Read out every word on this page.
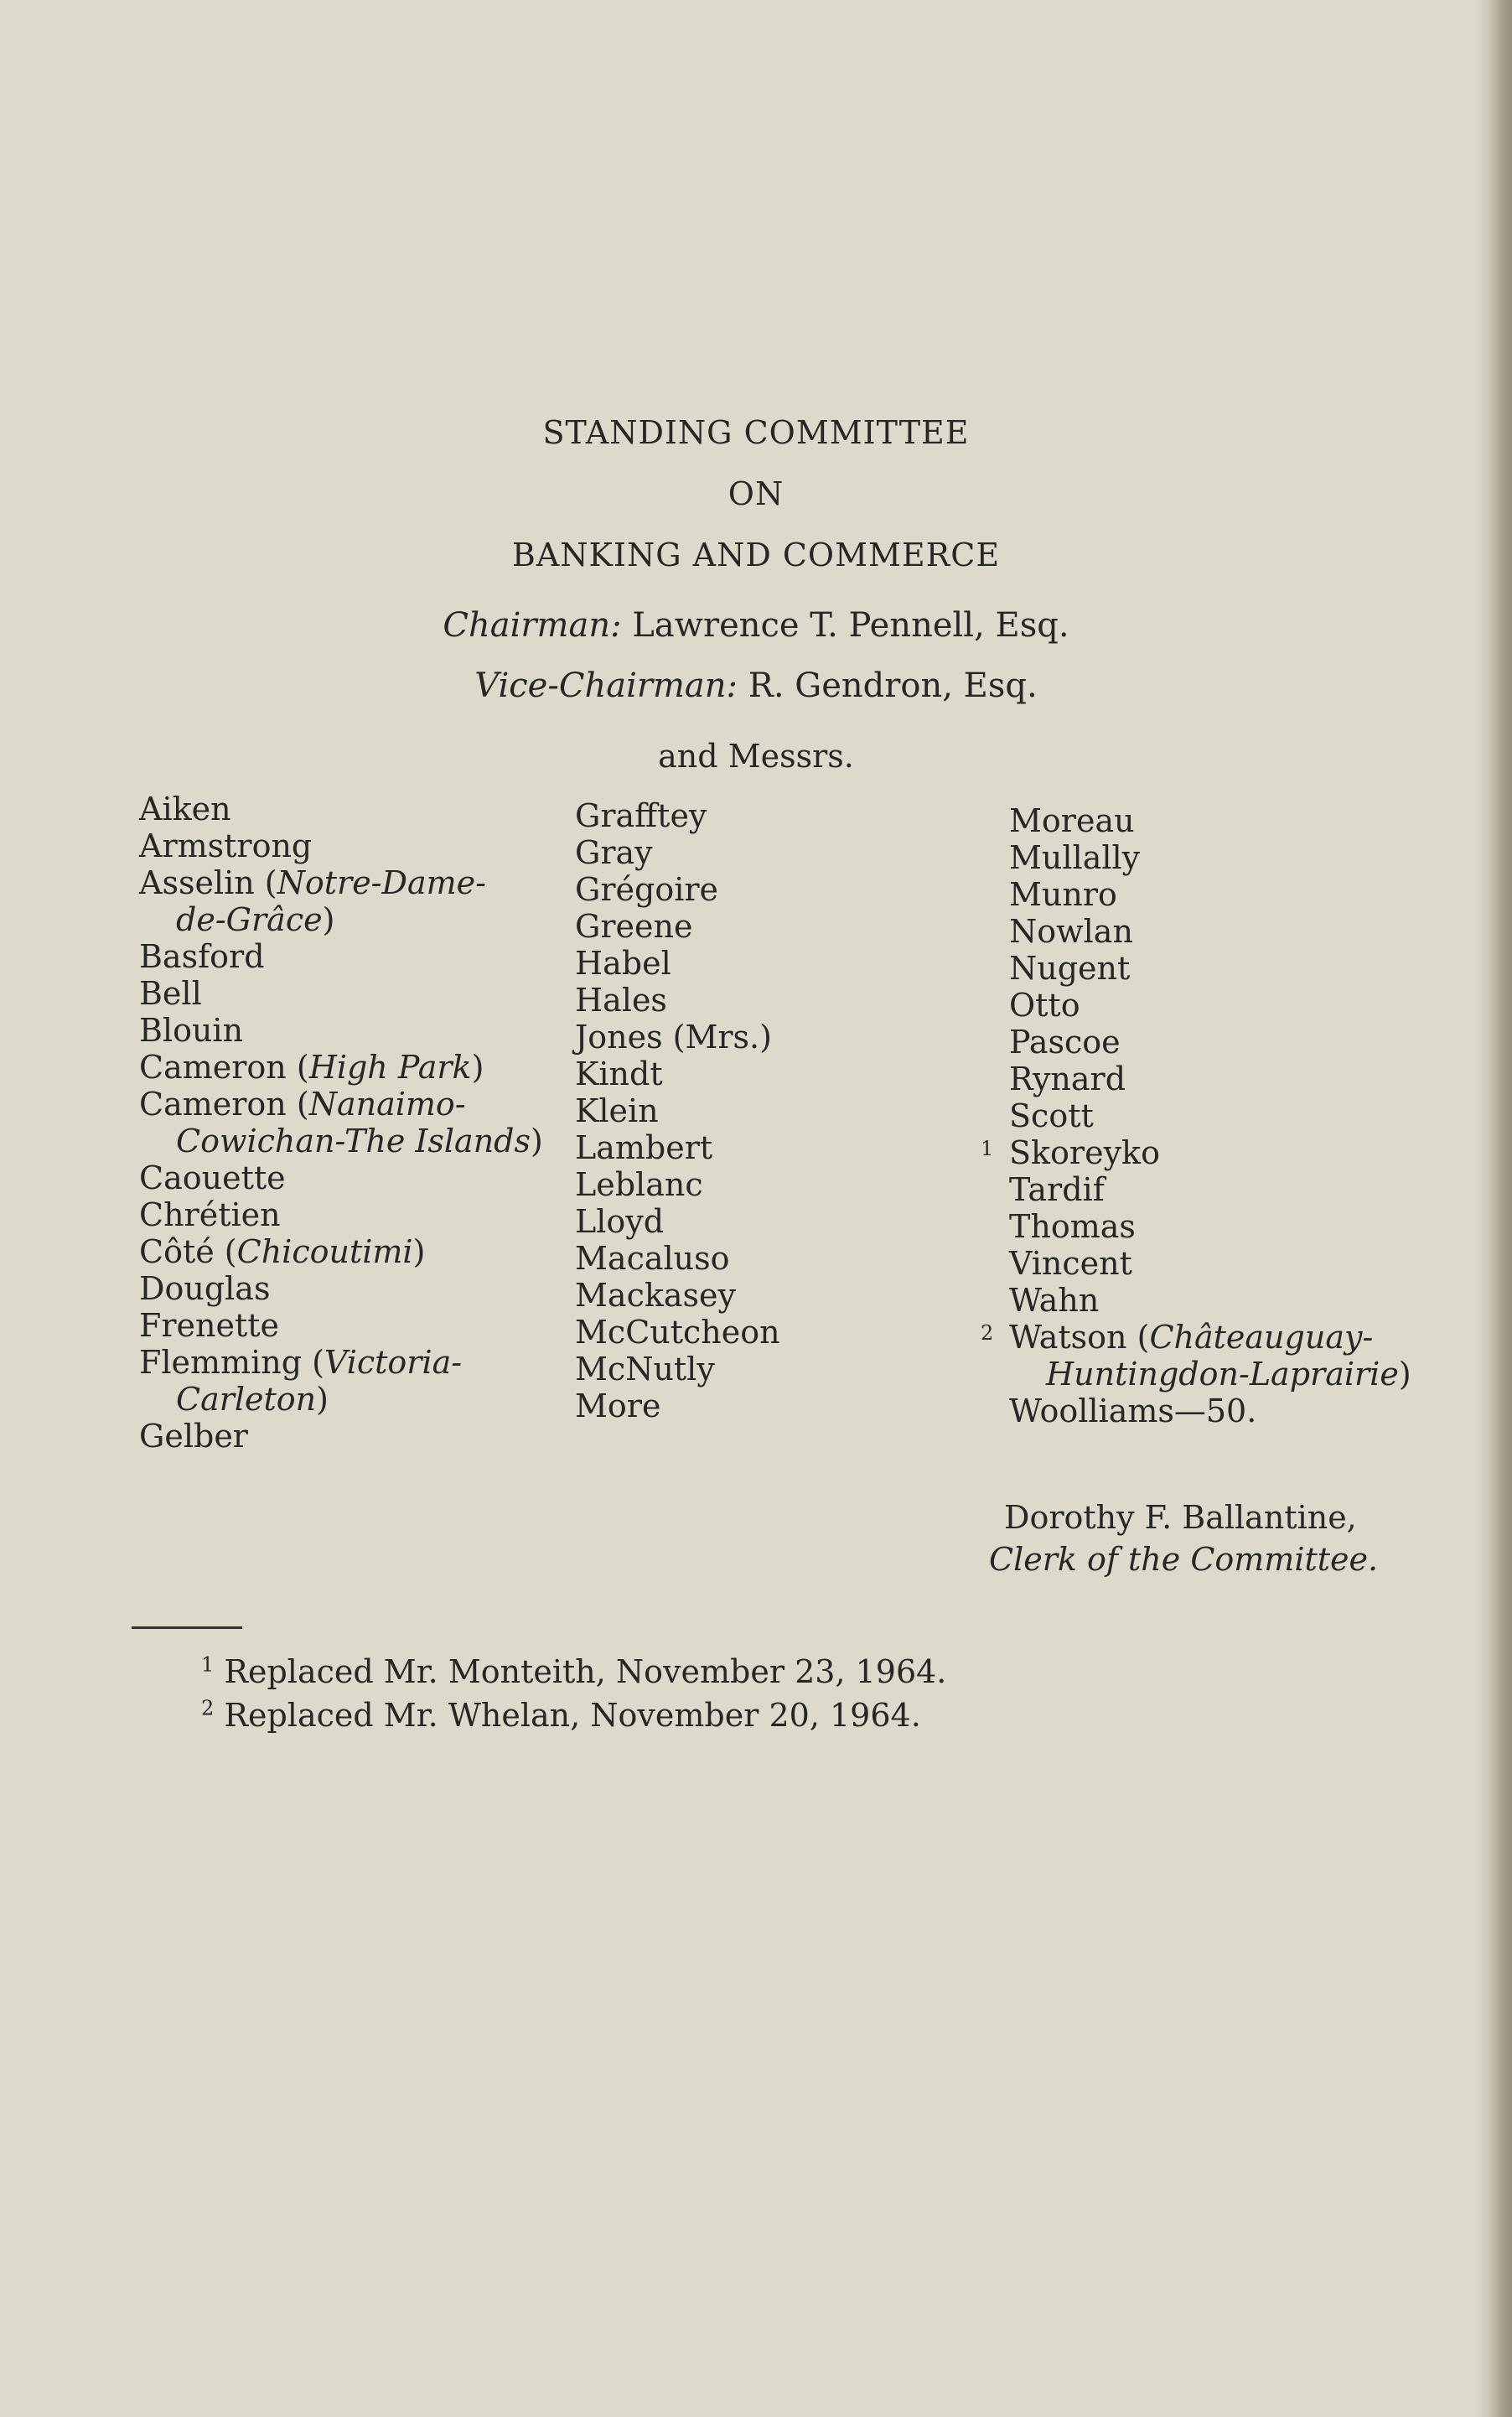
STANDING COMMITTEE
ON
BANKING AND COMMERCE
Chairman: Lawrence T. Pennell, Esq.
Vice-Chairman: R. Gendron, Esq.
and Messrs.
Aiken
Armstrong
Asselin (Notre-Dame-
de-Grâce)
Basford
Bell
Blouin
Cameron (High Park)
Cameron (Nanaimo-
Cowichan-The Islands)
Caouette
Chrétien
Côté (Chicoutimi)
Douglas
Frenette
Flemming (Victoria-
Carleton)
Gelber
Grafftey
Gray
Grégoire
Greene
Habel
Hales
Jones (Mrs.)
Kindt
Klein
Lambert
Leblanc
Lloyd
Macaluso
Mackasey
McCutcheon
McNutly
More
Moreau
Mullally
Munro
Nowlan
Nugent
Otto
Pascoe
Rynard
Scott
Skoreyko
Tardif
Thomas
Vincent
Wahn
Watson (Châteauguay-
Huntingdon-Laprairie)
Woolliams—50.
1
2
Dorothy F. Ballantine,
Clerk of the Committee.
$^1$ Replaced Mr. Monteith, November 23, 1964.
$^2$ Replaced Mr. Whelan, November 20, 1964.
